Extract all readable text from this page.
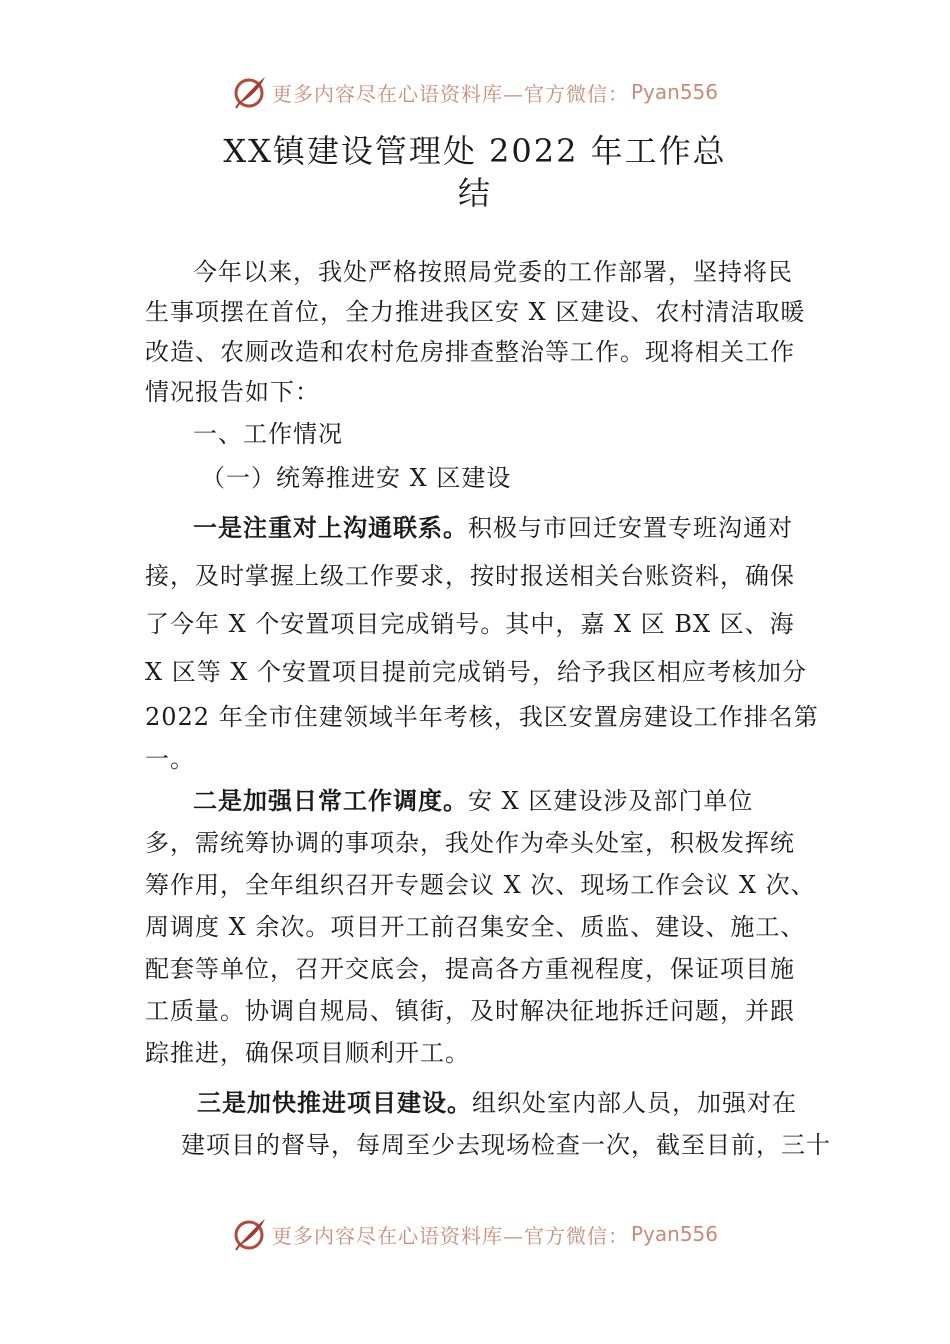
更多内容尽在心语资料库—官方微信： Pyan556
XX镇建设管理处 2022 年工作总
结
今年以来，我处严格按照局党委的工作部署，坚持将民
生事项摆在首位，全力推进我区安 X 区建设、农村清洁取暖
改造、农厕改造和农村危房排查整治等工作。现将相关工作
情况报告如下：
一、工作情况
（一）统筹推进安 X 区建设
一是注重对上沟通联系。积极与市回迁安置专班沟通对
接，及时掌握上级工作要求，按时报送相关台账资料，确保
了今年 X 个安置项目完成销号。其中，嘉 X 区 BX 区、海
X 区等 X 个安置项目提前完成销号，给予我区相应考核加分
2022 年全市住建领域半年考核，我区安置房建设工作排名第
一。
二是加强日常工作调度。安 X 区建设涉及部门单位
多，需统筹协调的事项杂，我处作为牵头处室，积极发挥统
筹作用，全年组织召开专题会议 X 次、现场工作会议 X 次、
周调度 X 余次。项目开工前召集安全、质监、建设、施工、
配套等单位，召开交底会，提高各方重视程度，保证项目施
工质量。协调自规局、镇街，及时解决征地拆迁问题，并跟
踪推进，确保项目顺利开工。
三是加快推进项目建设。组织处室内部人员，加强对在
建项目的督导，每周至少去现场检查一次，截至目前，三十
更多内容尽在心语资料库—官方微信： Pyan556
